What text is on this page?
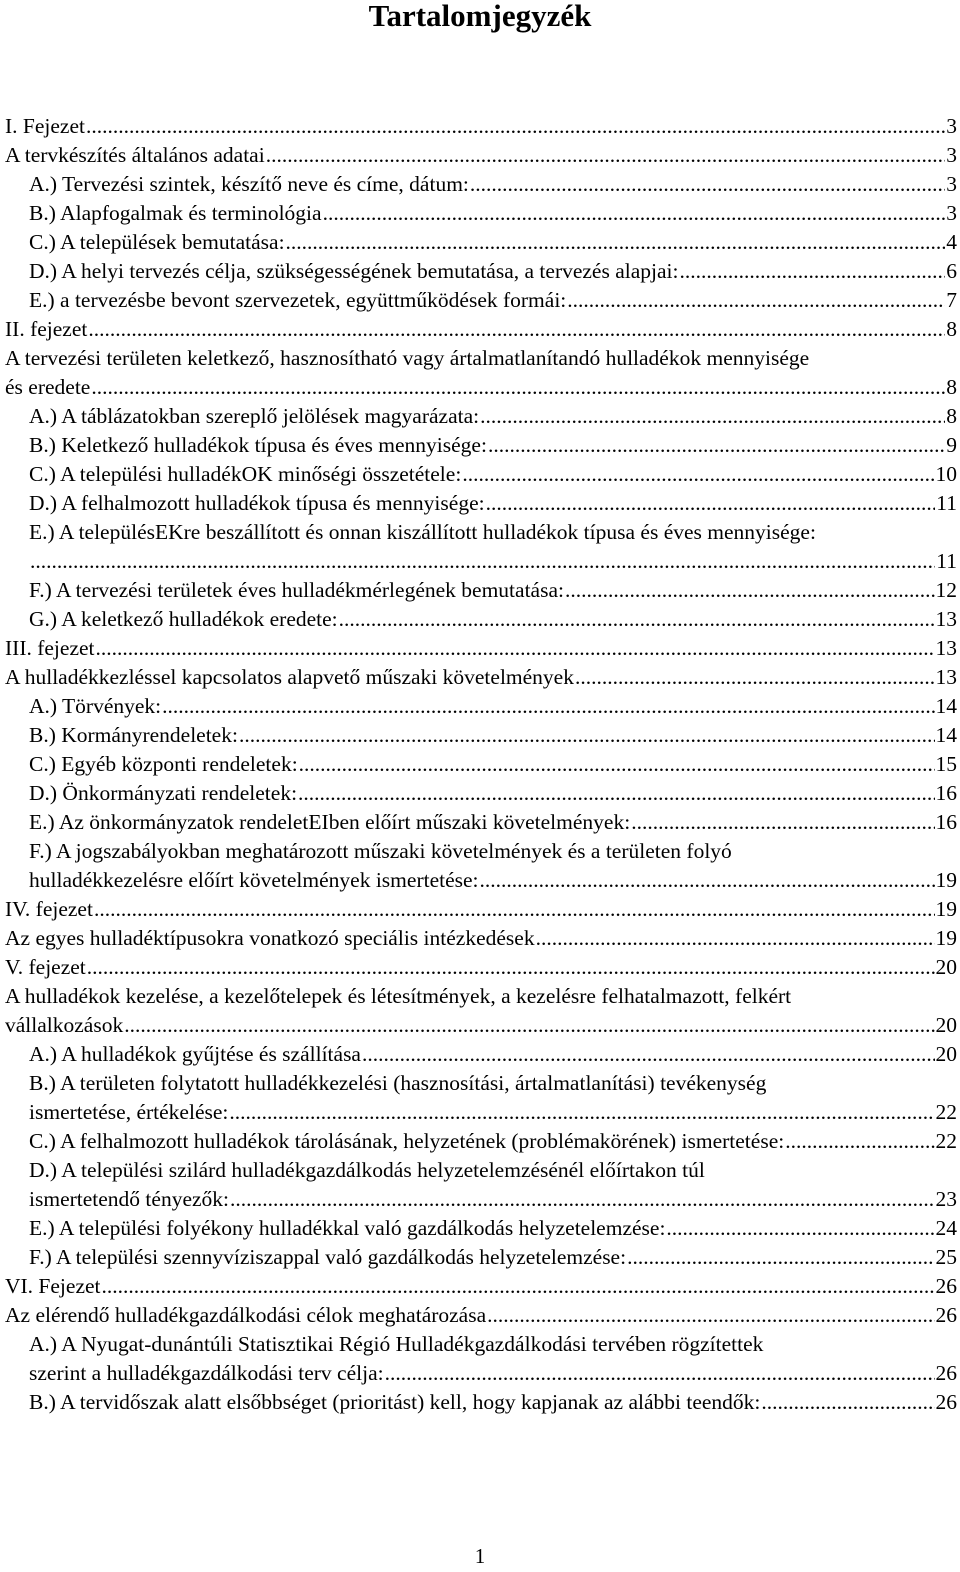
Tartalomjegyzék
3
I. Fejezet .....
3
A tervkészítés általános adatai .....
3
A.) Tervezési szintek, készítő neve és címe, dátum: .....
3
B.) Alapfogalmak és terminológia .....
4
C.) A települések bemutatása: .....
6
D.) A helyi tervezés célja, szükségességének bemutatása, a tervezés alapjai: .....
7
E.) a tervezésbe bevont szervezetek, együttműködések formái: .....
8
II. fejezet .....
A tervezési területen keletkező, hasznosítható vagy ártalmatlanítandó hulladékok mennyisége
8
és eredete .....
8
A.) A táblázatokban szereplő jelölések magyarázata: .....
9
B.) Keletkező hulladékok típusa és éves mennyisége: .....
10
C.) A települési hulladékOK minőségi összetétele: .....
11
D.) A felhalmozott hulladékok típusa és mennyisége: .....
E.) A településEKre beszállított és onnan kiszállított hulladékok típusa és éves mennyisége:
11
12
F.) A tervezési területek éves hulladékmérlegének bemutatása: .....
13
G.) A keletkező hulladékok eredete: .....
13
III. fejezet .....
13
A hulladékkezléssel kapcsolatos alapvető műszaki követelmények .....
14
A.) Törvények: .....
14
B.) Kormányrendeletek: .....
15
C.) Egyéb központi rendeletek: .....
16
D.) Önkormányzati rendeletek: .....
16
E.) Az önkormányzatok rendeletEIben előírt műszaki követelmények: .....
F.) A jogszabályokban meghatározott műszaki követelmények és a területen folyó
19
hulladékkezelésre előírt követelmények ismertetése: .....
19
IV. fejezet .....
19
Az egyes hulladéktípusokra vonatkozó speciális intézkedések .....
20
V. fejezet .....
A hulladékok kezelése, a kezelőtelepek és létesítmények, a kezelésre felhatalmazott, felkért
20
vállalkozások .....
20
A.) A hulladékok gyűjtése és szállítása .....
B.) A területen folytatott hulladékkezelési (hasznosítási, ártalmatlanítási) tevékenység
22
ismertetése, értékelése: .....
22
C.) A felhalmozott hulladékok tárolásának, helyzetének (problémakörének) ismertetése: .....
D.) A települési szilárd hulladékgazdálkodás helyzetelemzésénél előírtakon túl
23
ismertetendő tényezők: .....
24
E.) A települési folyékony hulladékkal való gazdálkodás helyzetelemzése: .....
25
F.) A települési szennyvíziszappal való gazdálkodás helyzetelemzése: .....
26
VI. Fejezet .....
26
Az elérendő hulladékgazdálkodási célok meghatározása .....
A.) A Nyugat-dunántúli Statisztikai Régió Hulladékgazdálkodási tervében rögzítettek
26
szerint a hulladékgazdálkodási terv célja: .....
26
B.) A tervidőszak alatt elsőbbséget (prioritást) kell, hogy kapjanak az alábbi teendők: .....
1
